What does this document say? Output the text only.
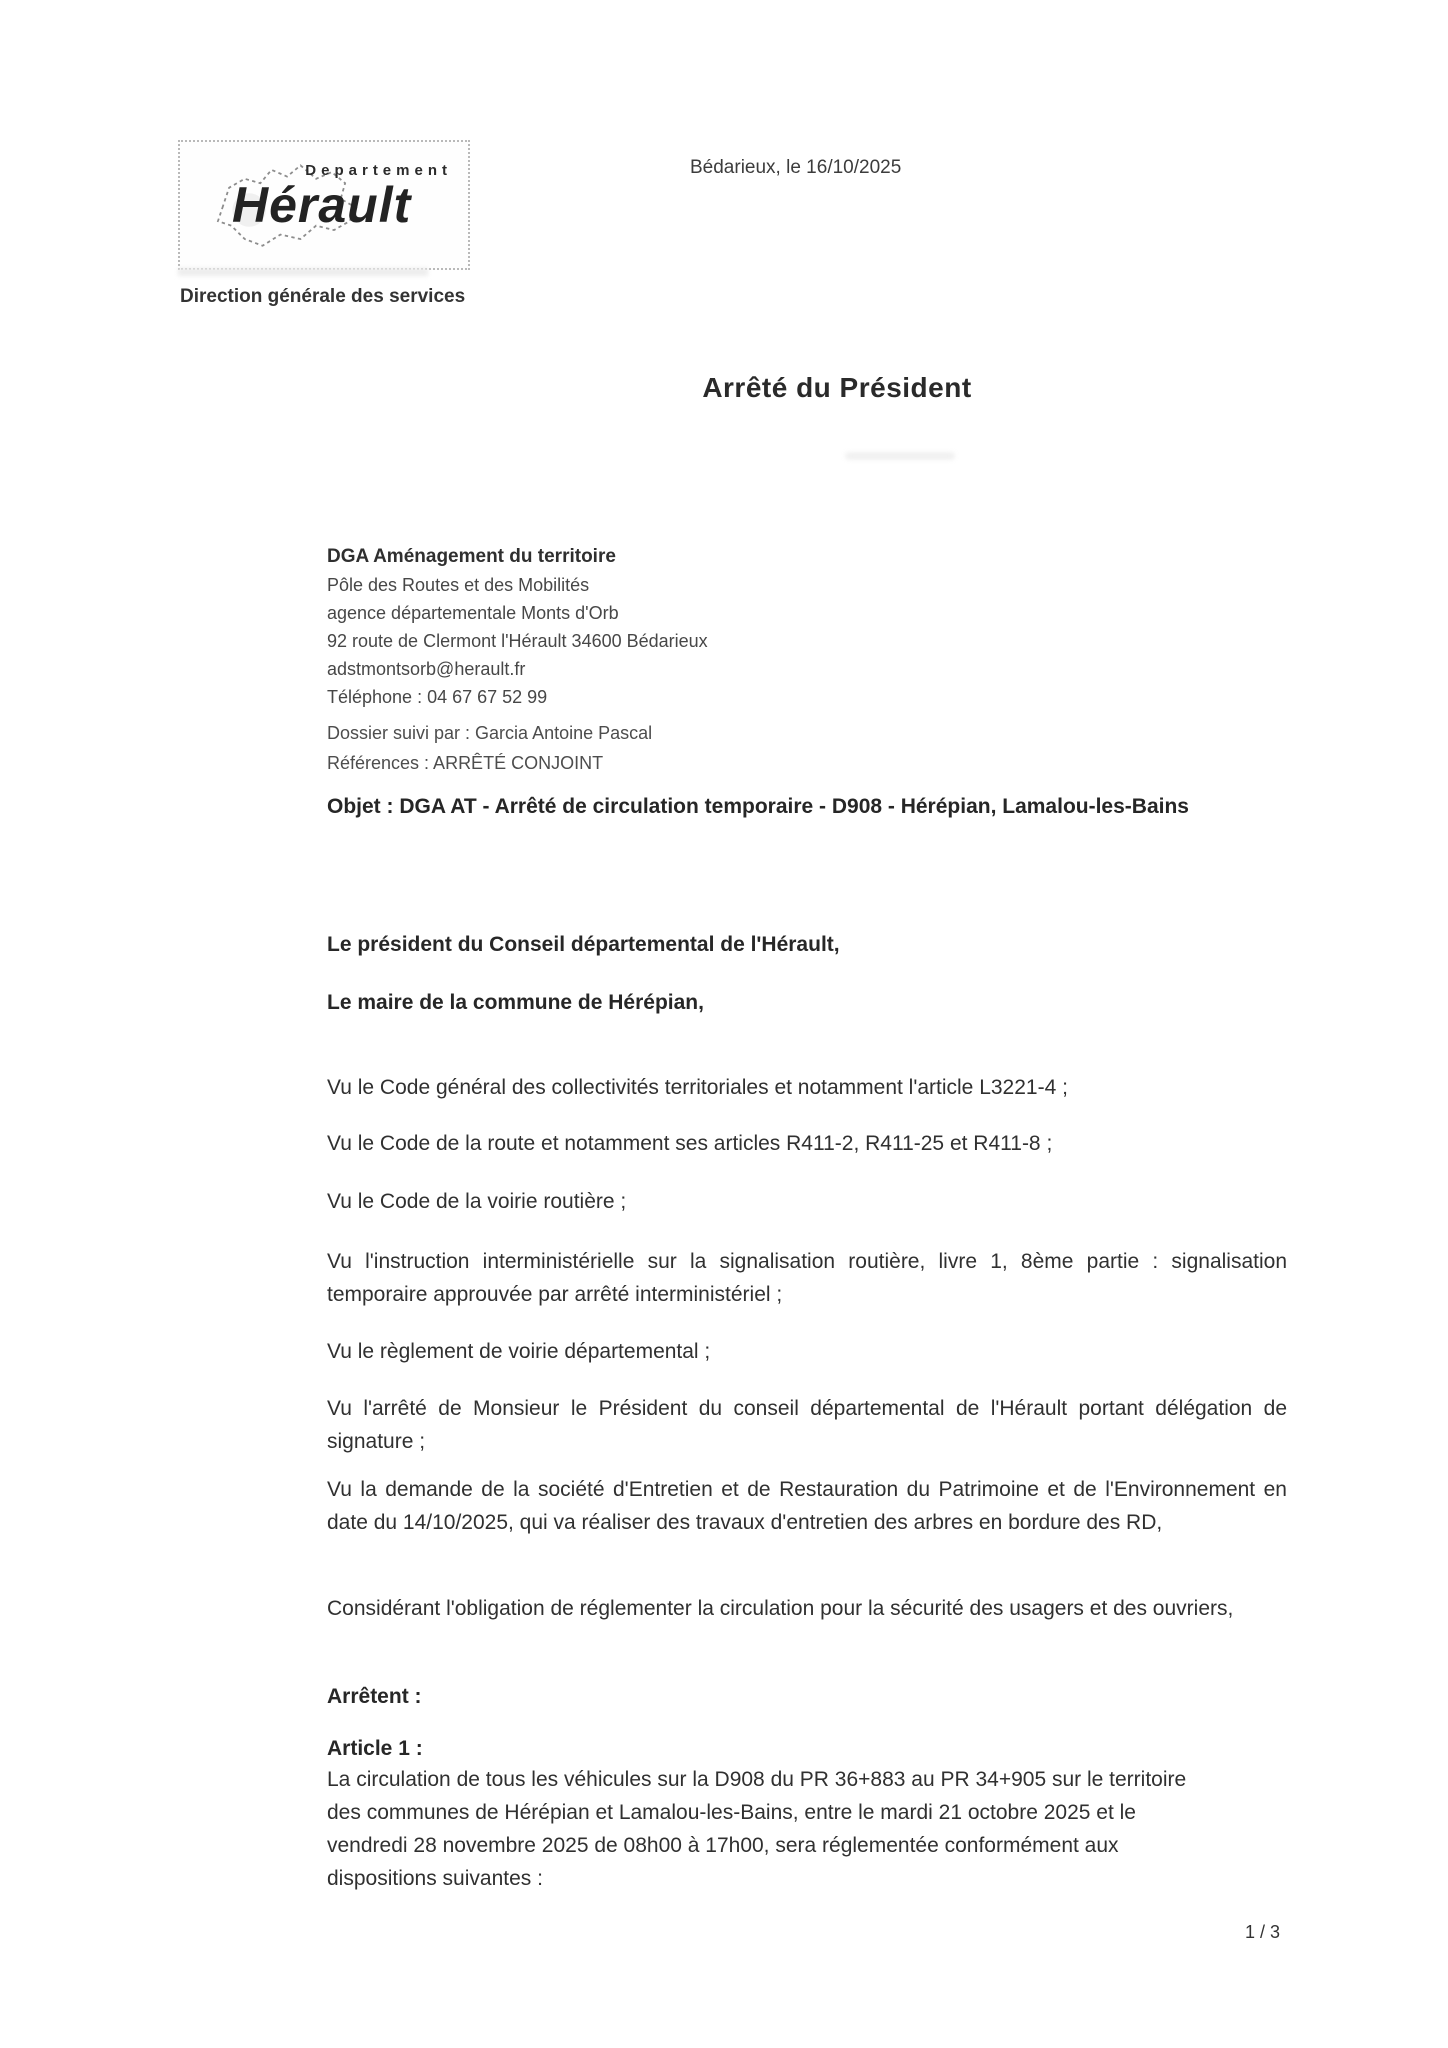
Departement
Hérault
Direction générale des services
Bédarieux, le 16/10/2025
Arrêté du Président
DGA Aménagement du territoire
Pôle des Routes et des Mobilités
agence départementale Monts d'Orb
92 route de Clermont l'Hérault 34600 Bédarieux
adstmontsorb@herault.fr
Téléphone : 04 67 67 52 99
Dossier suivi par : Garcia Antoine Pascal
Références : ARRÊTÉ CONJOINT
Objet : DGA AT - Arrêté de circulation temporaire - D908 - Hérépian, Lamalou-les-Bains
Le président du Conseil départemental de l'Hérault,
Le maire de la commune de Hérépian,
Vu le Code général des collectivités territoriales et notamment l'article L3221-4 ;
Vu le Code de la route et notamment ses articles R411-2, R411-25 et R411-8 ;
Vu le Code de la voirie routière ;
Vu l'instruction interministérielle sur la signalisation routière, livre 1, 8ème partie : signalisation temporaire approuvée par arrêté interministériel ;
Vu le règlement de voirie départemental ;
Vu l'arrêté de Monsieur le Président du conseil départemental de l'Hérault portant délégation de signature ;
Vu la demande de la société d'Entretien et de Restauration du Patrimoine et de l'Environnement en date du 14/10/2025, qui va réaliser des travaux d'entretien des arbres en bordure des RD,
Considérant l'obligation de réglementer la circulation pour la sécurité des usagers et des ouvriers,
Arrêtent :
Article 1 :
La circulation de tous les véhicules sur la D908 du PR 36+883 au PR 34+905 sur le territoire des communes de Hérépian et Lamalou-les-Bains, entre le mardi 21 octobre 2025 et le vendredi 28 novembre 2025 de 08h00 à 17h00, sera réglementée conformément aux dispositions suivantes :
1 / 3
